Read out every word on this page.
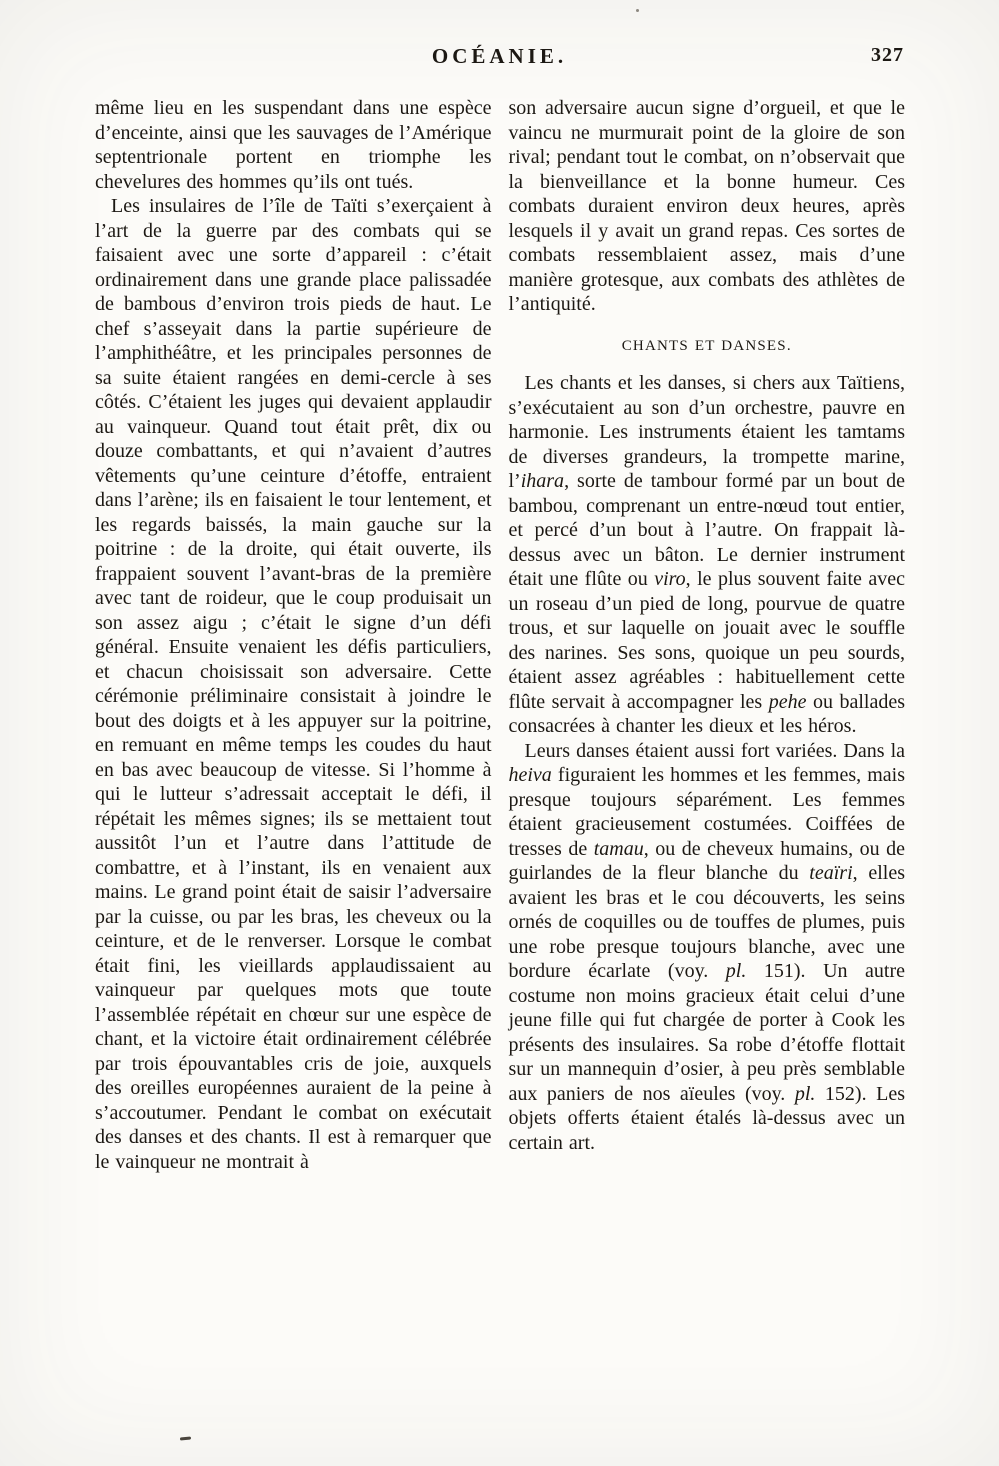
OCÉANIE.	327

même lieu en les suspendant dans une espèce d’enceinte, ainsi que les sauvages de l’Amérique septentrionale portent en triomphe les chevelures des hommes qu’ils ont tués.

Les insulaires de l’île de Taïti s’exerçaient à l’art de la guerre par des combats qui se faisaient avec une sorte d’appareil : c’était ordinairement dans une grande place palissadée de bambous d’environ trois pieds de haut. Le chef s’asseyait dans la partie supérieure de l’amphithéâtre, et les principales personnes de sa suite étaient rangées en demi-cercle à ses côtés. C’étaient les juges qui devaient applaudir au vainqueur. Quand tout était prêt, dix ou douze combattants, et qui n’avaient d’autres vêtements qu’une ceinture d’étoffe, entraient dans l’arène; ils en faisaient le tour lentement, et les regards baissés, la main gauche sur la poitrine : de la droite, qui était ouverte, ils frappaient souvent l’avant-bras de la première avec tant de roideur, que le coup produisait un son assez aigu ; c’était le signe d’un défi général. Ensuite venaient les défis particuliers, et chacun choisissait son adversaire. Cette cérémonie préliminaire consistait à joindre le bout des doigts et à les appuyer sur la poitrine, en remuant en même temps les coudes du haut en bas avec beaucoup de vitesse. Si l’homme à qui le lutteur s’adressait acceptait le défi, il répétait les mêmes signes; ils se mettaient tout aussitôt l’un et l’autre dans l’attitude de combattre, et à l’instant, ils en venaient aux mains. Le grand point était de saisir l’adversaire par la cuisse, ou par les bras, les cheveux ou la ceinture, et de le renverser. Lorsque le combat était fini, les vieillards applaudissaient au vainqueur par quelques mots que toute l’assemblée répétait en chœur sur une espèce de chant, et la victoire était ordinairement célébrée par trois épouvantables cris de joie, auxquels des oreilles européennes auraient de la peine à s’accoutumer. Pendant le combat on exécutait des danses et des chants. Il est à remarquer que le vainqueur ne montrait à

son adversaire aucun signe d’orgueil, et que le vaincu ne murmurait point de la gloire de son rival; pendant tout le combat, on n’observait que la bienveillance et la bonne humeur. Ces combats duraient environ deux heures, après lesquels il y avait un grand repas. Ces sortes de combats ressemblaient assez, mais d’une manière grotesque, aux combats des athlètes de l’antiquité.

CHANTS ET DANSES.

Les chants et les danses, si chers aux Taïtiens, s’exécutaient au son d’un orchestre, pauvre en harmonie. Les instruments étaient les tamtams de diverses grandeurs, la trompette marine, l’ihara, sorte de tambour formé par un bout de bambou, comprenant un entre-nœud tout entier, et percé d’un bout à l’autre. On frappait là-dessus avec un bâton. Le dernier instrument était une flûte ou viro, le plus souvent faite avec un roseau d’un pied de long, pourvue de quatre trous, et sur laquelle on jouait avec le souffle des narines. Ses sons, quoique un peu sourds, étaient assez agréables : habituellement cette flûte servait à accompagner les pehe ou ballades consacrées à chanter les dieux et les héros.

Leurs danses étaient aussi fort variées. Dans la heiva figuraient les hommes et les femmes, mais presque toujours séparément. Les femmes étaient gracieusement costumées. Coiffées de tresses de tamau, ou de cheveux humains, ou de guirlandes de la fleur blanche du teaïri, elles avaient les bras et le cou découverts, les seins ornés de coquilles ou de touffes de plumes, puis une robe presque toujours blanche, avec une bordure écarlate (voy. pl. 151). Un autre costume non moins gracieux était celui d’une jeune fille qui fut chargée de porter à Cook les présents des insulaires. Sa robe d’étoffe flottait sur un mannequin d’osier, à peu près semblable aux paniers de nos aïeules (voy. pl. 152). Les objets offerts étaient étalés là-dessus avec un certain art.
